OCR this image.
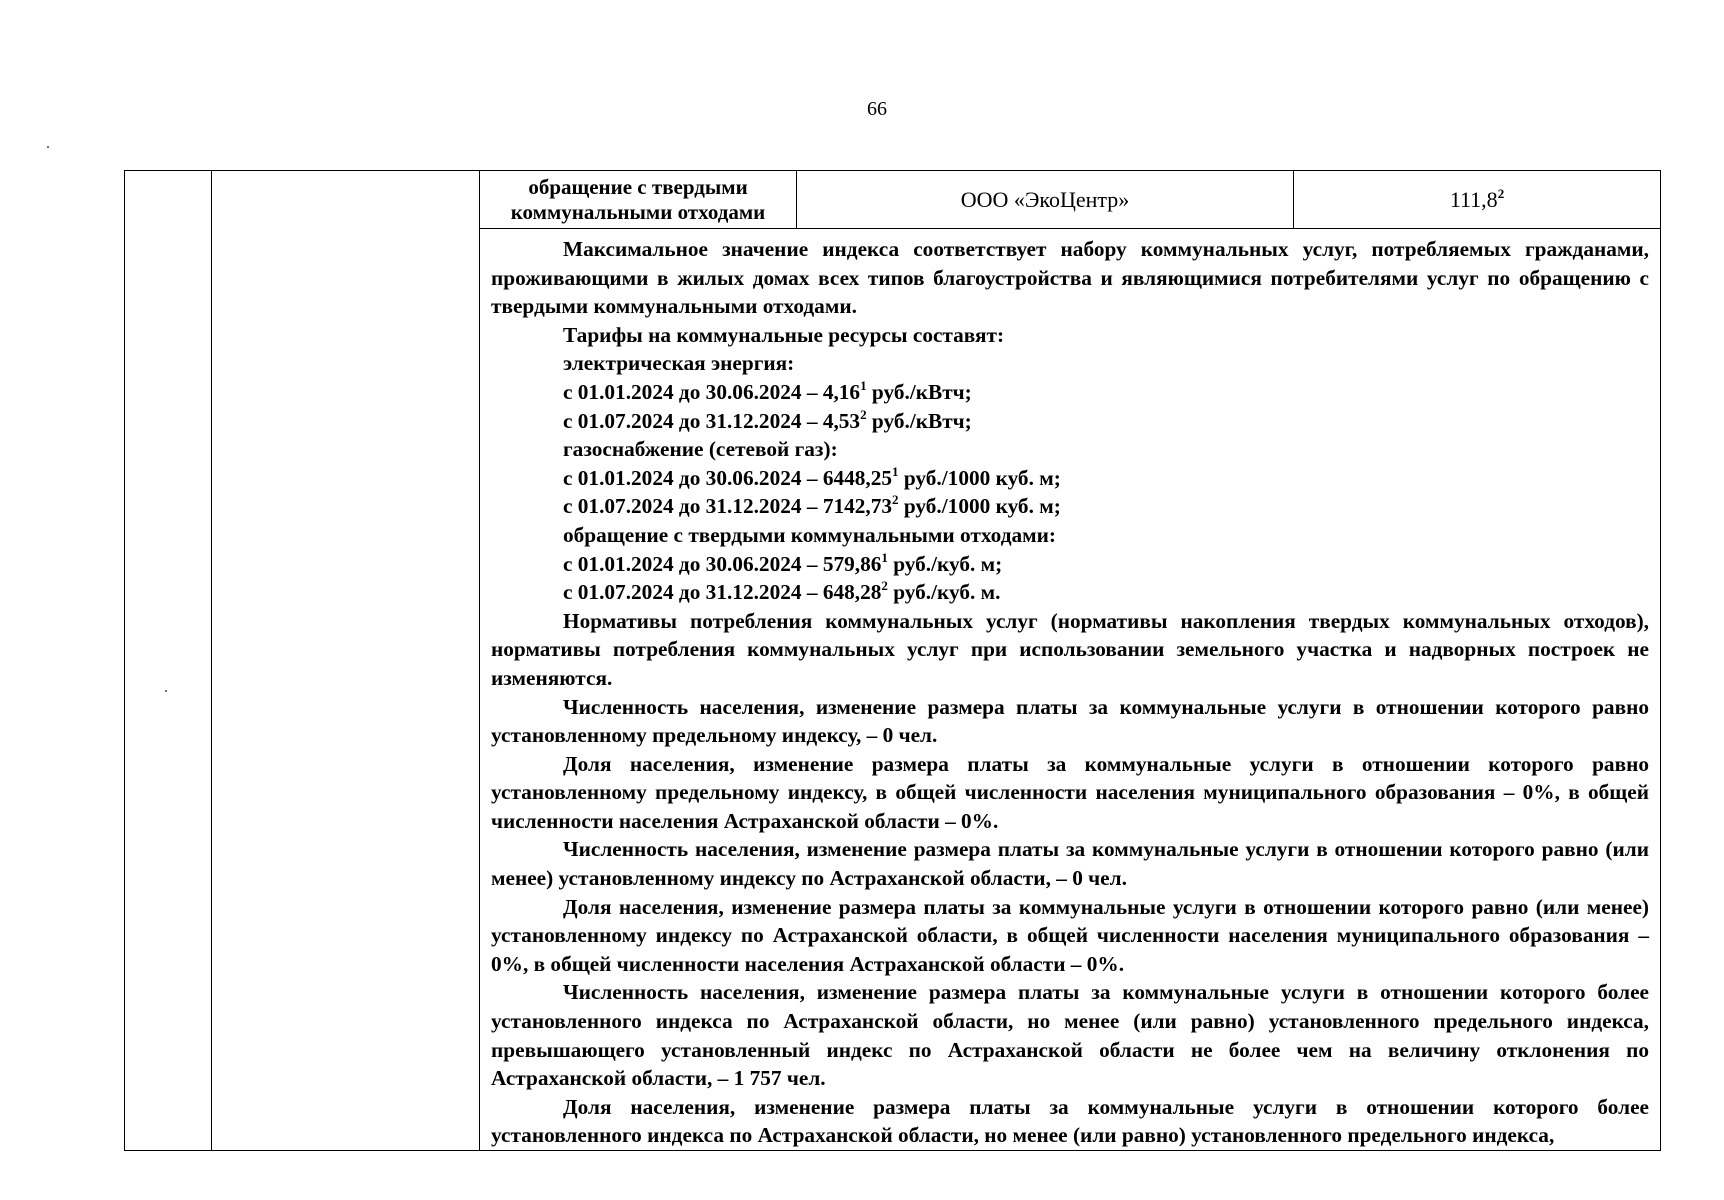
66

обращение с твердыми коммунальными отходами	ООО «ЭкоЦентр»	111,8$^2$

Максимальное значение индекса соответствует набору коммунальных услуг, потребляемых гражданами, проживающими в жилых домах всех типов благоустройства и являющимися потребителями услуг по обращению с твердыми коммунальными отходами.

Тарифы на коммунальные ресурсы составят:
электрическая энергия:
с 01.01.2024 до 30.06.2024 – 4,16$^1$ руб./кВтч;
с 01.07.2024 до 31.12.2024 – 4,53$^2$ руб./кВтч;
газоснабжение (сетевой газ):
с 01.01.2024 до 30.06.2024 – 6448,25$^1$ руб./1000 куб. м;
с 01.07.2024 до 31.12.2024 – 7142,73$^2$ руб./1000 куб. м;
обращение с твердыми коммунальными отходами:
с 01.01.2024 до 30.06.2024 – 579,86$^1$ руб./куб. м;
с 01.07.2024 до 31.12.2024 – 648,28$^2$ руб./куб. м.

Нормативы потребления коммунальных услуг (нормативы накопления твердых коммунальных отходов), нормативы потребления коммунальных услуг при использовании земельного участка и надворных построек не изменяются.

Численность населения, изменение размера платы за коммунальные услуги в отношении которого равно установленному предельному индексу, – 0 чел.

Доля населения, изменение размера платы за коммунальные услуги в отношении которого равно установленному предельному индексу, в общей численности населения муниципального образования – 0%, в общей численности населения Астраханской области – 0%.

Численность населения, изменение размера платы за коммунальные услуги в отношении которого равно (или менее) установленному индексу по Астраханской области, – 0 чел.

Доля населения, изменение размера платы за коммунальные услуги в отношении которого равно (или менее) установленному индексу по Астраханской области, в общей численности населения муниципального образования – 0%, в общей численности населения Астраханской области – 0%.

Численность населения, изменение размера платы за коммунальные услуги в отношении которого более установленного индекса по Астраханской области, но менее (или равно) установленного предельного индекса, превышающего установленный индекс по Астраханской области не более чем на величину отклонения по Астраханской области, – 1 757 чел.

Доля населения, изменение размера платы за коммунальные услуги в отношении которого более установленного индекса по Астраханской области, но менее (или равно) установленного предельного индекса,
